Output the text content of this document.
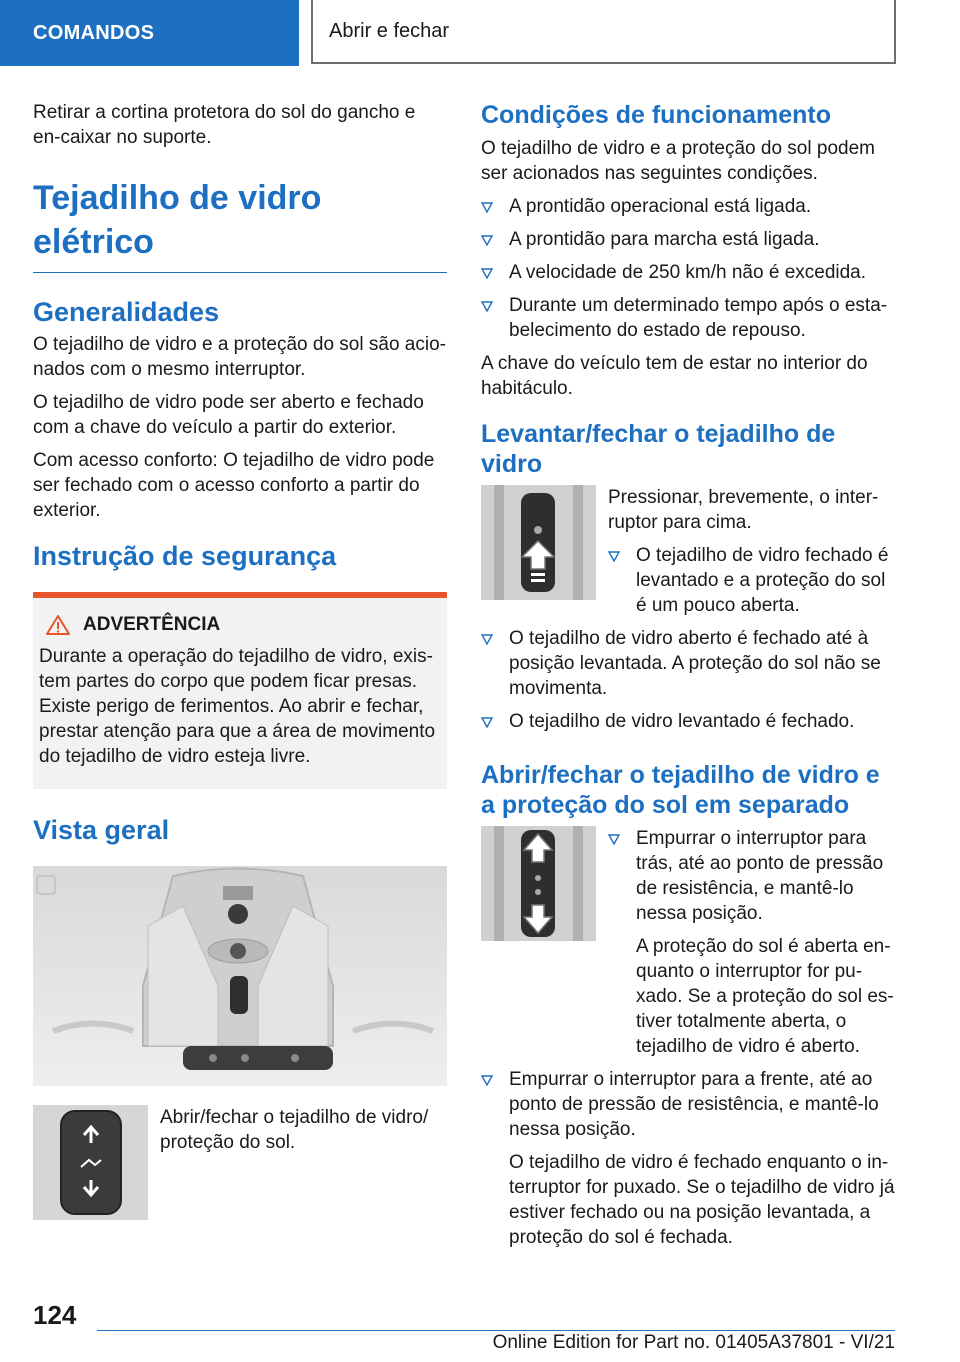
COMANDOS	Abrir e fechar

Retirar a cortina protetora do sol do gancho e en-caixar no suporte.

Tejadilho de vidro elétrico
Generalidades

O tejadilho de vidro e a proteção do sol são acio-nados com o mesmo interruptor.

O tejadilho de vidro pode ser aberto e fechado com a chave do veículo a partir do exterior.

Com acesso conforto: O tejadilho de vidro pode ser fechado com o acesso conforto a partir do exterior.

Instrução de segurança
ADVERTÊNCIA

Durante a operação do tejadilho de vidro, exis-tem partes do corpo que podem ficar presas. Existe perigo de ferimentos. Ao abrir e fechar, prestar atenção para que a área de movimento do tejadilho de vidro esteja livre.

Vista geral

Abrir/fechar o tejadilho de vidro/ proteção do sol.

Condições de funcionamento

O tejadilho de vidro e a proteção do sol podem ser acionados nas seguintes condições.

A prontidão operacional está ligada.
A prontidão para marcha está ligada.
A velocidade de 250 km/h não é excedida.
Durante um determinado tempo após o esta-belecimento do estado de repouso.

A chave do veículo tem de estar no interior do habitáculo.

Levantar/fechar o tejadilho de vidro

Pressionar, brevemente, o inter-ruptor para cima.

O tejadilho de vidro fechado é levantado e a proteção do sol é um pouco aberta.
O tejadilho de vidro aberto é fechado até à posição levantada. A proteção do sol não se movimenta.
O tejadilho de vidro levantado é fechado.
Abrir/fechar o tejadilho de vidro e a proteção do sol em separado
Empurrar o interruptor para trás, até ao ponto de pressão de resistência, e mantê-lo nessa posição.

A proteção do sol é aberta en-quanto o interruptor for pu-xado. Se a proteção do sol es-tiver totalmente aberta, o tejadilho de vidro é aberto.

Empurrar o interruptor para a frente, até ao ponto de pressão de resistência, e mantê-lo nessa posição.

O tejadilho de vidro é fechado enquanto o in-terruptor for puxado. Se o tejadilho de vidro já estiver fechado ou na posição levantada, a proteção do sol é fechada.

124
Online Edition for Part no. 01405A37801 - VI/21
